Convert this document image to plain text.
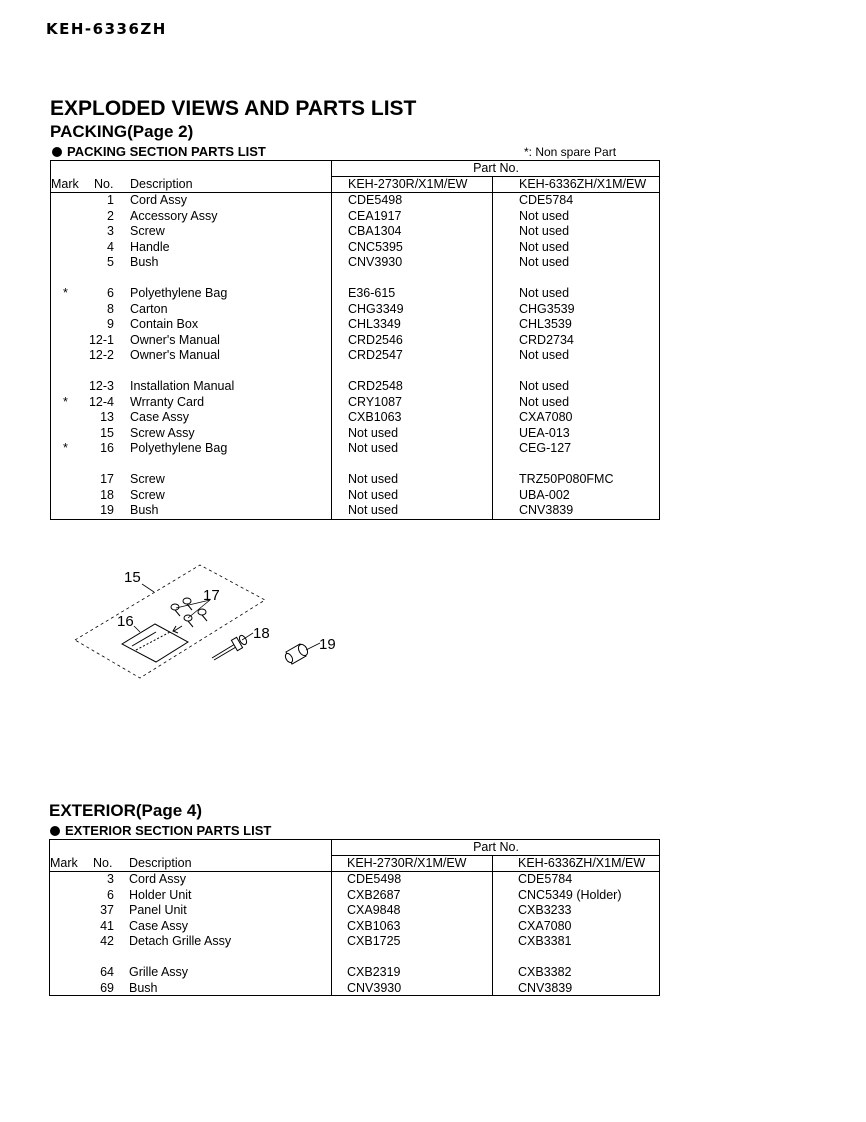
KEH-6336ZH
EXPLODED VIEWS AND PARTS LIST
PACKING(Page 2)
PACKING SECTION PARTS LIST	*: Non spare Part
Part No.
Mark No. Description	KEH-2730R/X1M/EW	KEH-6336ZH/X1M/EW
1 Cord Assy	CDE5498	CDE5784
2 Accessory Assy	CEA1917	Not used
3 Screw	CBA1304	Not used
4 Handle	CNC5395	Not used
5 Bush	CNV3930	Not used
*	6 Polyethylene Bag	E36-615	Not used
8 Carton	CHG3349	CHG3539
9 Contain Box	CHL3349	CHL3539
12-1 Owner's Manual	CRD2546	CRD2734
12-2 Owner's Manual	CRD2547	Not used
12-3 Installation Manual	CRD2548	Not used
* 12-4 Wrranty Card	CRY1087	Not used
13 Case Assy	CXB1063	CXA7080
15 Screw Assy	Not used	UEA-013
*	16 Polyethylene Bag	Not used	CEG-127
17 Screw	Not used	TRZ50P080FMC
18 Screw	Not used	UBA-002
19 Bush	Not used	CNV3839
15
17
16
18
19
EXTERIOR(Page 4)
EXTERIOR SECTION PARTS LIST
Part No.
Mark No. Description	KEH-2730R/X1M/EW	KEH-6336ZH/X1M/EW
3 Cord Assy	CDE5498	CDE5784
6 Holder Unit	CXB2687	CNC5349 (Holder)
37 Panel Unit	CXA9848	CXB3233
41 Case Assy	CXB1063	CXA7080
42 Detach Grille Assy	CXB1725	CXB3381
64 Grille Assy	CXB2319	CXB3382
69 Bush	CNV3930	CNV3839
